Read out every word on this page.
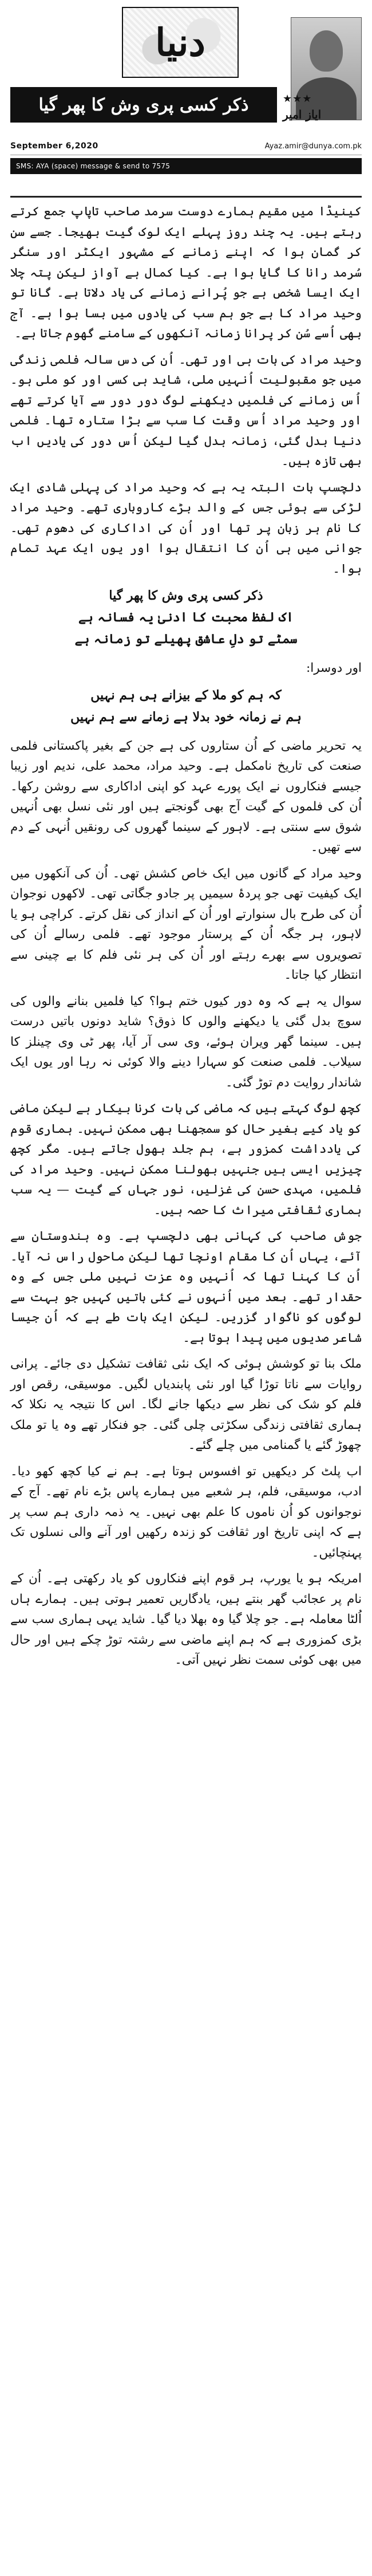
دنیا
ذکر کسی پری وش کا پھر گیا	★★★
ایاز امیر
September 6,2020	Ayaz.amir@dunya.com.pk
SMS: AYA (space) message & send to 7575

کینیڈا میں مقیم ہمارے دوست سرمد صاحب تاپاپ جمع کرتے رہتے ہیں۔ یہ چند روز پہلے ایک لوک گیت بھیجا۔ جسے سن کر گمان ہوا کہ اپنے زمانے کے مشہور ایکٹر اور سنگر سُرمد رانا کا گایا ہوا ہے۔ کیا کمال ہے آواز لیکن پتہ چلا ایک ایسا شخص ہے جو پُرانے زمانے کی یاد دلاتا ہے۔ گانا تو وحید مراد کا ہے جو ہم سب کی یادوں میں بسا ہوا ہے۔ آج بھی اُسے سُن کر پرانا زمانہ آنکھوں کے سامنے گھوم جاتا ہے۔

وحید مراد کی بات ہی اور تھی۔ اُن کی دس سالہ فلمی زندگی میں جو مقبولیت اُنہیں ملی، شاید ہی کسی اور کو ملی ہو۔ اُس زمانے کی فلمیں دیکھنے لوگ دور دور سے آیا کرتے تھے اور وحید مراد اُس وقت کا سب سے بڑا ستارہ تھا۔ فلمی دنیا بدل گئی، زمانہ بدل گیا لیکن اُس دور کی یادیں اب بھی تازہ ہیں۔

دلچسپ بات البتہ یہ ہے کہ وحید مراد کی پہلی شادی ایک لڑکی سے ہوئی جس کے والد بڑے کاروباری تھے۔ وحید مراد کا نام ہر زبان پر تھا اور اُن کی اداکاری کی دھوم تھی۔ جوانی میں ہی اُن کا انتقال ہوا اور یوں ایک عہد تمام ہوا۔

ذکر کسی پری وش کا پھر گیا
اک لفظ محبت کا ادنیٰ یہ فسانہ ہے
سمٹے تو دلِ عاشق پھیلے تو زمانہ ہے

اور دوسرا:

کہ ہم کو ملا کے بیزانے ہی ہم نہیں
ہم نے زمانہ خود بدلا ہے زمانے سے ہم نہیں

یہ تحریر ماضی کے اُن ستاروں کی ہے جن کے بغیر پاکستانی فلمی صنعت کی تاریخ نامکمل ہے۔ وحید مراد، محمد علی، ندیم اور زیبا جیسے فنکاروں نے ایک پورے عہد کو اپنی اداکاری سے روشن رکھا۔ اُن کی فلموں کے گیت آج بھی گونجتے ہیں اور نئی نسل بھی اُنہیں شوق سے سنتی ہے۔ لاہور کے سینما گھروں کی رونقیں اُنہی کے دم سے تھیں۔

وحید مراد کے گانوں میں ایک خاص کشش تھی۔ اُن کی آنکھوں میں ایک کیفیت تھی جو پردۂ سیمیں پر جادو جگاتی تھی۔ لاکھوں نوجوان اُن کی طرح بال سنوارتے اور اُن کے انداز کی نقل کرتے۔ کراچی ہو یا لاہور، ہر جگہ اُن کے پرستار موجود تھے۔ فلمی رسالے اُن کی تصویروں سے بھرے رہتے اور اُن کی ہر نئی فلم کا بے چینی سے انتظار کیا جاتا۔

سوال یہ ہے کہ وہ دور کیوں ختم ہوا؟ کیا فلمیں بنانے والوں کی سوچ بدل گئی یا دیکھنے والوں کا ذوق؟ شاید دونوں باتیں درست ہیں۔ سینما گھر ویران ہوئے، وی سی آر آیا، پھر ٹی وی چینلز کا سیلاب۔ فلمی صنعت کو سہارا دینے والا کوئی نہ رہا اور یوں ایک شاندار روایت دم توڑ گئی۔

کچھ لوگ کہتے ہیں کہ ماضی کی بات کرنا بیکار ہے لیکن ماضی کو یاد کیے بغیر حال کو سمجھنا بھی ممکن نہیں۔ ہماری قوم کی یادداشت کمزور ہے، ہم جلد بھول جاتے ہیں۔ مگر کچھ چیزیں ایسی ہیں جنہیں بھولنا ممکن نہیں۔ وحید مراد کی فلمیں، مہدی حسن کی غزلیں، نور جہاں کے گیت — یہ سب ہماری ثقافتی میراث کا حصہ ہیں۔

جوش صاحب کی کہانی بھی دلچسپ ہے۔ وہ ہندوستان سے آئے، یہاں اُن کا مقام اونچا تھا لیکن ماحول راس نہ آیا۔ اُن کا کہنا تھا کہ اُنہیں وہ عزت نہیں ملی جس کے وہ حقدار تھے۔ بعد میں اُنہوں نے کئی باتیں کہیں جو بہت سے لوگوں کو ناگوار گزریں۔ لیکن ایک بات طے ہے کہ اُن جیسا شاعر صدیوں میں پیدا ہوتا ہے۔

ملک بنا تو کوشش ہوئی کہ ایک نئی ثقافت تشکیل دی جائے۔ پرانی روایات سے ناتا توڑا گیا اور نئی پابندیاں لگیں۔ موسیقی، رقص اور فلم کو شک کی نظر سے دیکھا جانے لگا۔ اس کا نتیجہ یہ نکلا کہ ہماری ثقافتی زندگی سکڑتی چلی گئی۔ جو فنکار تھے وہ یا تو ملک چھوڑ گئے یا گمنامی میں چلے گئے۔

اب پلٹ کر دیکھیں تو افسوس ہوتا ہے۔ ہم نے کیا کچھ کھو دیا۔ ادب، موسیقی، فلم، ہر شعبے میں ہمارے پاس بڑے نام تھے۔ آج کے نوجوانوں کو اُن ناموں کا علم بھی نہیں۔ یہ ذمہ داری ہم سب پر ہے کہ اپنی تاریخ اور ثقافت کو زندہ رکھیں اور آنے والی نسلوں تک پہنچائیں۔

امریکہ ہو یا یورپ، ہر قوم اپنے فنکاروں کو یاد رکھتی ہے۔ اُن کے نام پر عجائب گھر بنتے ہیں، یادگاریں تعمیر ہوتی ہیں۔ ہمارے ہاں اُلٹا معاملہ ہے۔ جو چلا گیا وہ بھلا دیا گیا۔ شاید یہی ہماری سب سے بڑی کمزوری ہے کہ ہم اپنے ماضی سے رشتہ توڑ چکے ہیں اور حال میں بھی کوئی سمت نظر نہیں آتی۔
